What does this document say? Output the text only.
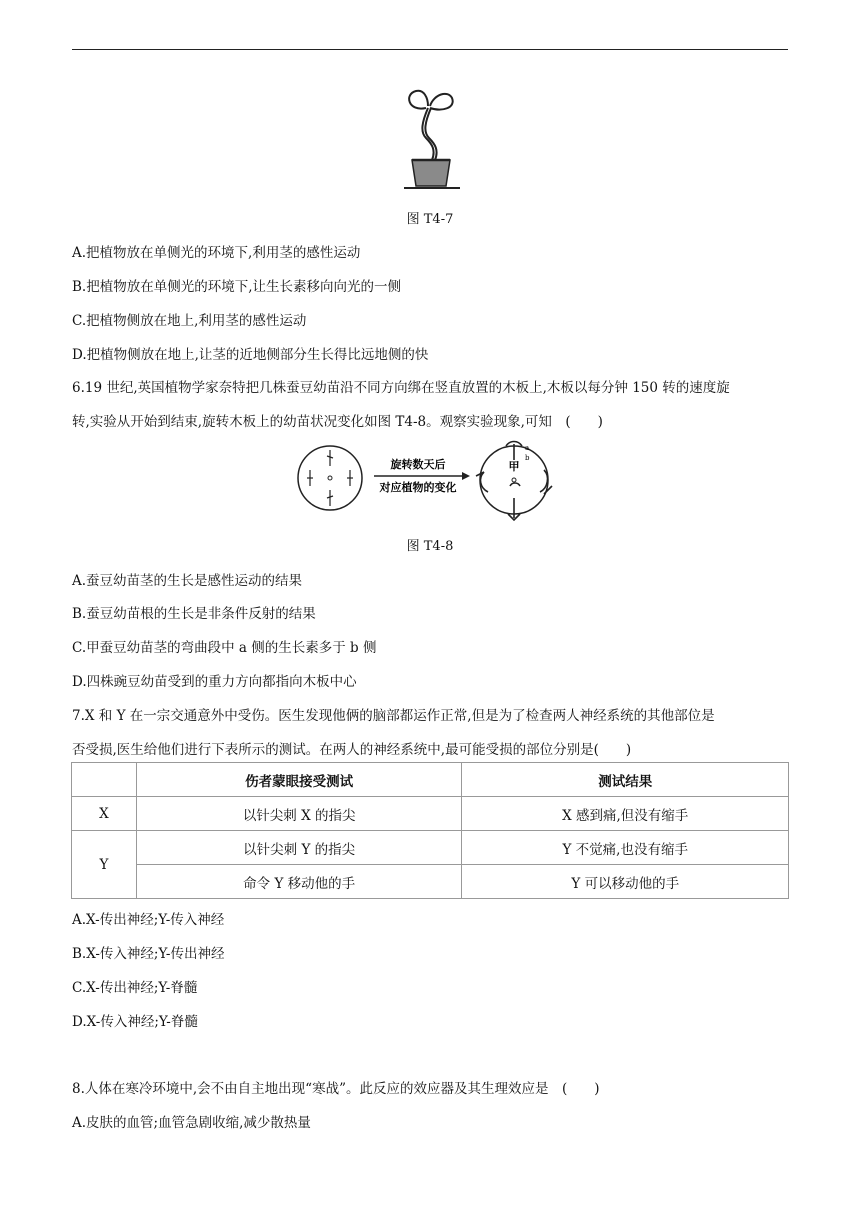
图 T4-7
A.把植物放在单侧光的环境下,利用茎的感性运动
B.把植物放在单侧光的环境下,让生长素移向向光的一侧
C.把植物侧放在地上,利用茎的感性运动
D.把植物侧放在地上,让茎的近地侧部分生长得比远地侧的快
6.19 世纪,英国植物学家奈特把几株蚕豆幼苗沿不同方向绑在竖直放置的木板上,木板以每分钟 150 转的速度旋
转,实验从开始到结束,旋转木板上的幼苗状况变化如图 T4-8。观察实验现象,可知　(　　)
旋转数天后
对应植物的变化
甲
a
b
图 T4-8
A.蚕豆幼苗茎的生长是感性运动的结果
B.蚕豆幼苗根的生长是非条件反射的结果
C.甲蚕豆幼苗茎的弯曲段中 a 侧的生长素多于 b 侧
D.四株豌豆幼苗受到的重力方向都指向木板中心
7.X 和 Y 在一宗交通意外中受伤。医生发现他俩的脑部都运作正常,但是为了检查两人神经系统的其他部位是
否受损,医生给他们进行下表所示的测试。在两人的神经系统中,最可能受损的部位分别是(　　)
	伤者蒙眼接受测试	测试结果
X	以针尖刺 X 的指尖	X 感到痛,但没有缩手
Y	以针尖刺 Y 的指尖	Y 不觉痛,也没有缩手
	命令 Y 移动他的手	Y 可以移动他的手
A.X-传出神经;Y-传入神经
B.X-传入神经;Y-传出神经
C.X-传出神经;Y-脊髓
D.X-传入神经;Y-脊髓
8.人体在寒冷环境中,会不由自主地出现“寒战”。此反应的效应器及其生理效应是　(　　)
A.皮肤的血管;血管急剧收缩,减少散热量
